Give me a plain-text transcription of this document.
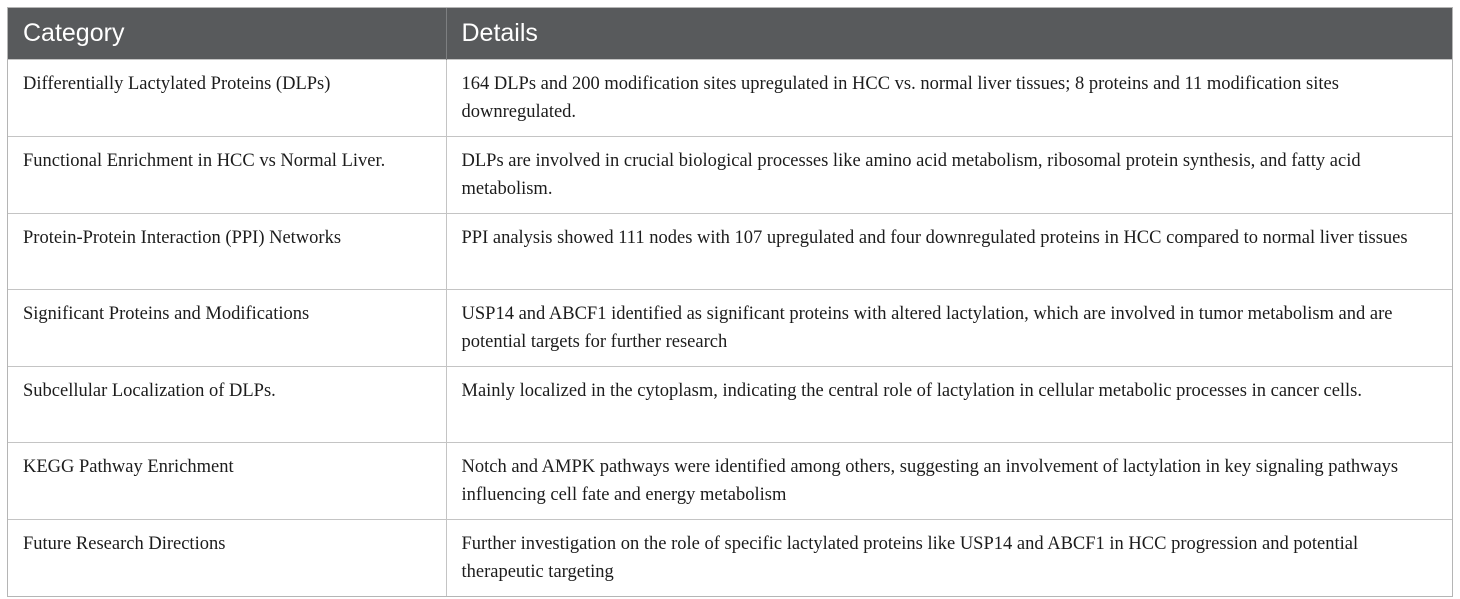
Category	Details
Differentially Lactylated Proteins (DLPs)	164 DLPs and 200 modification sites upregulated in HCC vs. normal liver tissues; 8 proteins and 11 modification sites downregulated.
Functional Enrichment in HCC vs Normal Liver.	DLPs are involved in crucial biological processes like amino acid metabolism, ribosomal protein synthesis, and fatty acid metabolism.
Protein-Protein Interaction (PPI) Networks	PPI analysis showed 111 nodes with 107 upregulated and four downregulated proteins in HCC compared to normal liver tissues
Significant Proteins and Modifications	USP14 and ABCF1 identified as significant proteins with altered lactylation, which are involved in tumor metabolism and are potential targets for further research
Subcellular Localization of DLPs.	Mainly localized in the cytoplasm, indicating the central role of lactylation in cellular metabolic processes in cancer cells.
KEGG Pathway Enrichment	Notch and AMPK pathways were identified among others, suggesting an involvement of lactylation in key signaling pathways influencing cell fate and energy metabolism
Future Research Directions	Further investigation on the role of specific lactylated proteins like USP14 and ABCF1 in HCC progression and potential therapeutic targeting
